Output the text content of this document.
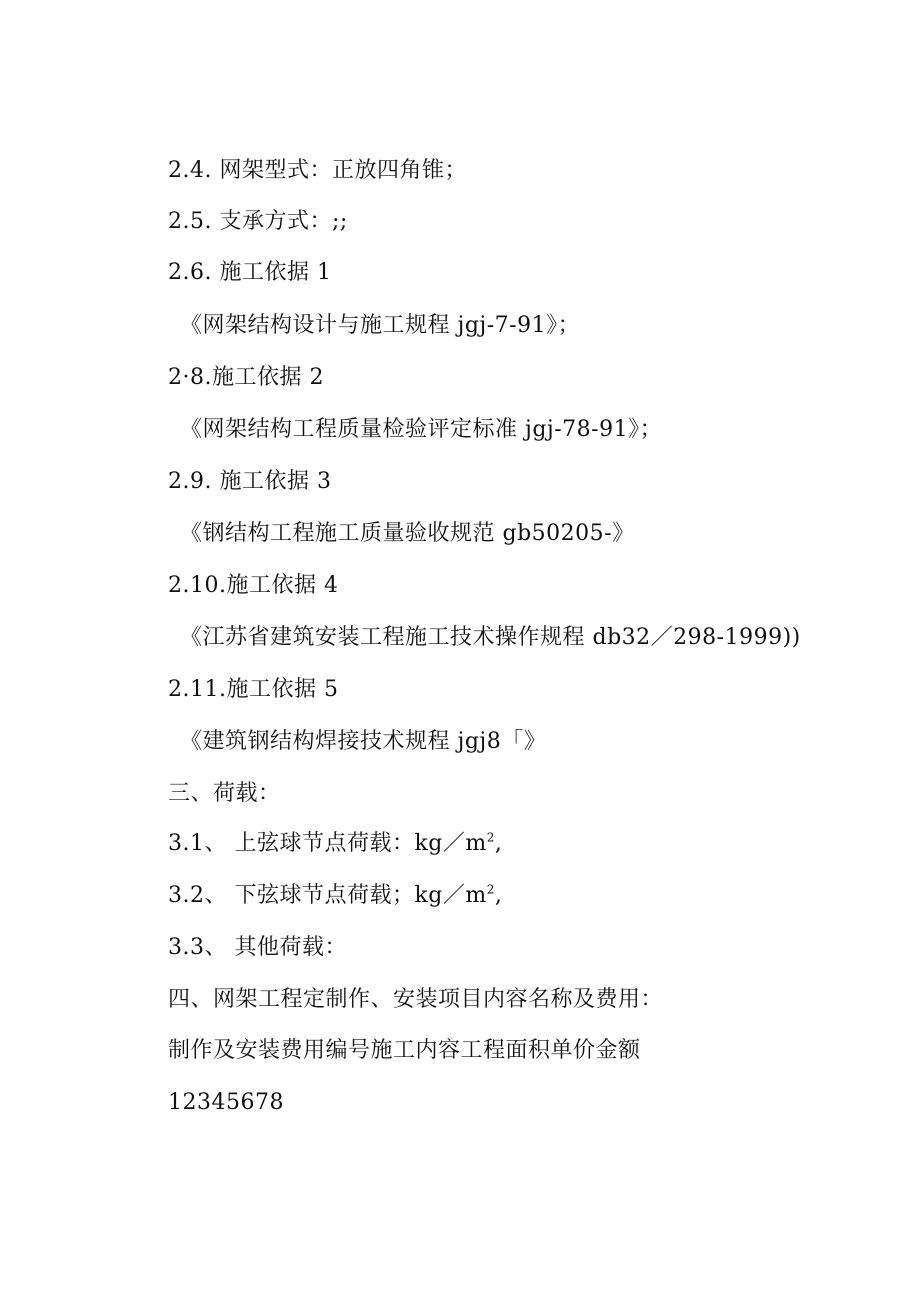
2.4. 网架型式：正放四角锥；
2.5. 支承方式：;;
2.6. 施工依据 1
《网架结构设计与施工规程 jgj-7-91》；
2·8.施工依据 2
《网架结构工程质量检验评定标准 jgj-78-91》；
2.9. 施工依据 3
《钢结构工程施工质量验收规范 gb50205-》
2.10.施工依据 4
《江苏省建筑安装工程施工技术操作规程 db32／298-1999))
2.11.施工依据 5
《建筑钢结构焊接技术规程 jgj8「》
三、荷载：
3.1、 上弦球节点荷载：$kg/m^2$,
3.2、 下弦球节点荷载；$kg/m^2$,
3.3、 其他荷载：
四、网架工程定制作、安装项目内容名称及费用：
制作及安装费用编号施工内容工程面积单价金额
12345678
